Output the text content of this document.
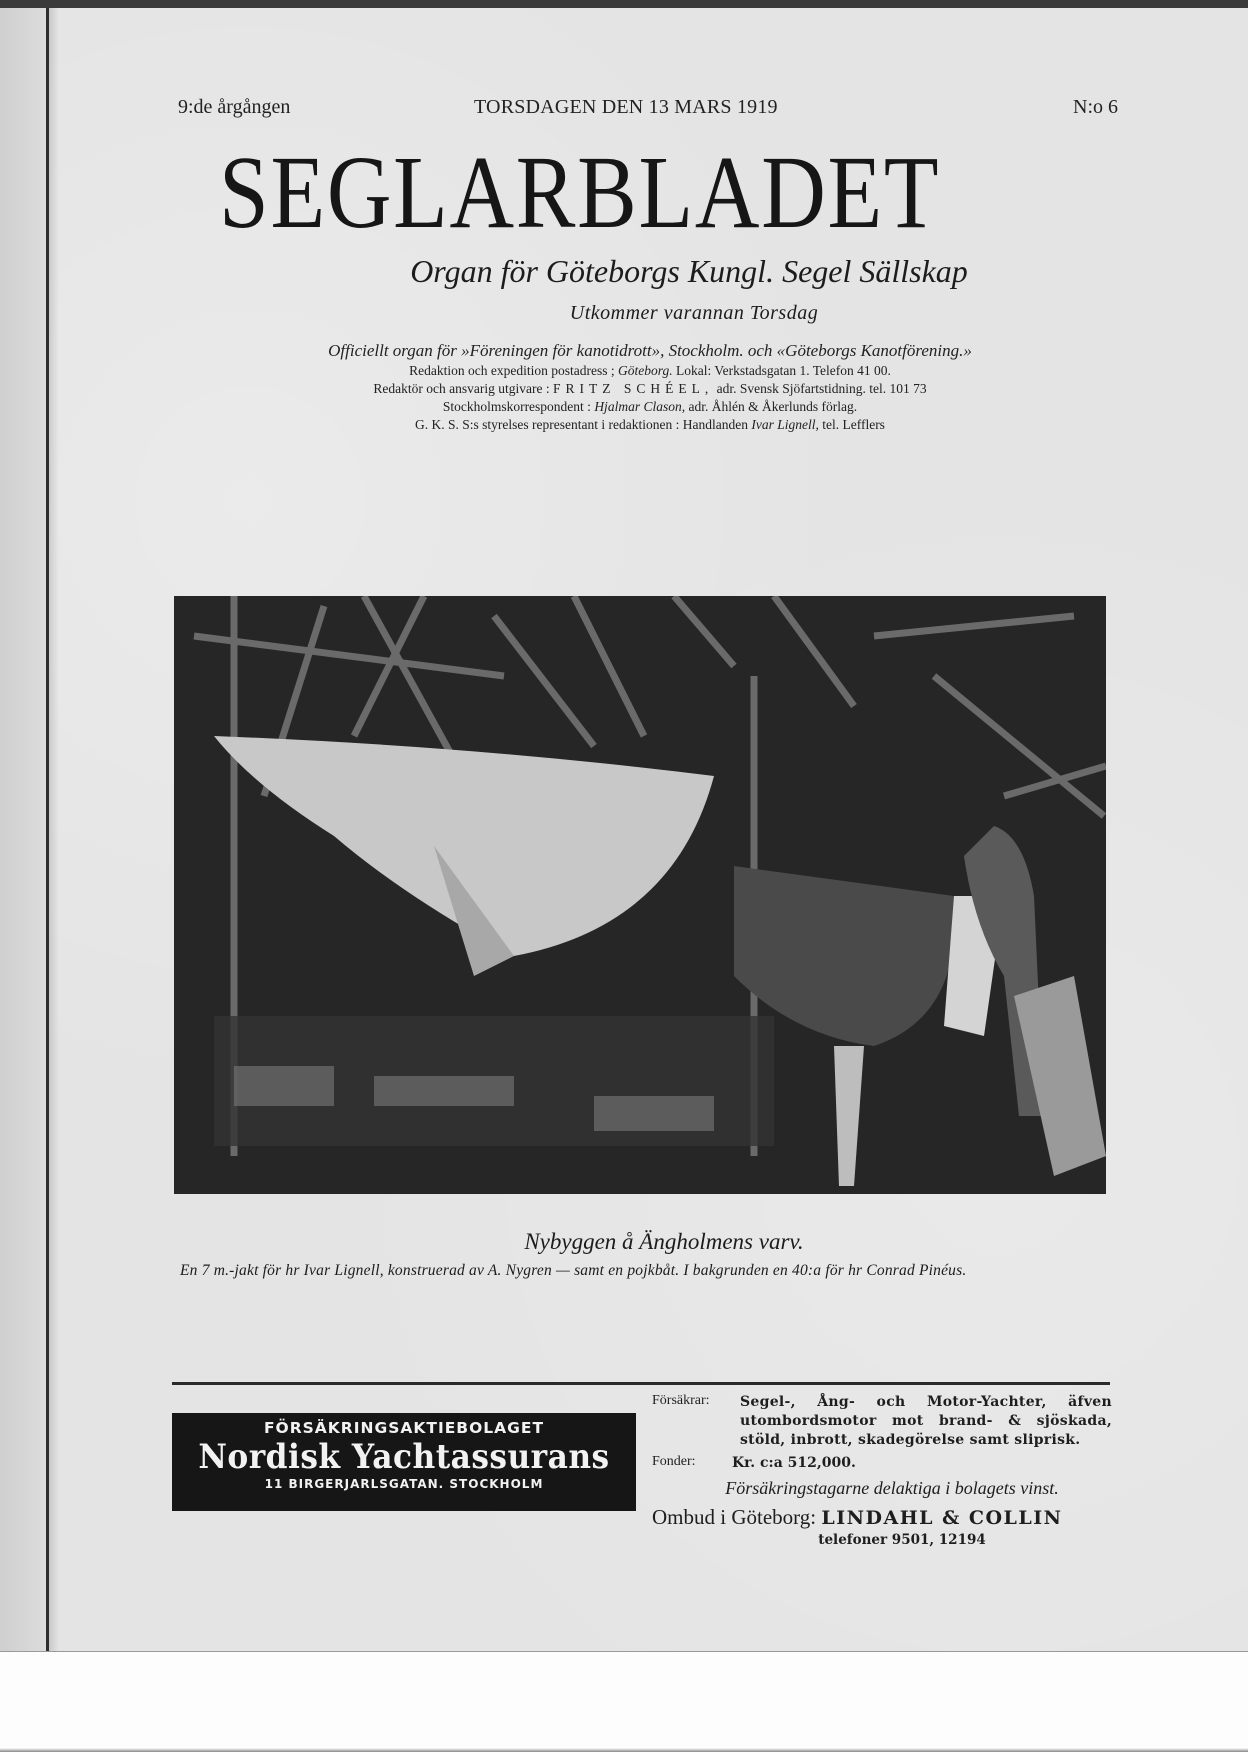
9:de årgången	TORSDAGEN DEN 13 MARS 1919	N:o 6
SEGLARBLADET
Organ för Göteborgs Kungl. Segel Sällskap
Utkommer varannan Torsdag
Officiellt organ för »Föreningen för kanotidrott», Stockholm. och «Göteborgs Kanotförening.»
Redaktion och expedition postadress ; Göteborg. Lokal: Verkstadsgatan 1. Telefon 41 00.
Redaktör och ansvarig utgivare : FRITZ SCHÉEL, adr. Svensk Sjöfartstidning. tel. 101 73
Stockholmskorrespondent : Hjalmar Clason, adr. Åhlén & Åkerlunds förlag.
G. K. S. S:s styrelses representant i redaktionen : Handlanden Ivar Lignell, tel. Lefflers
Nybyggen å Ängholmens varv.
En 7 m.-jakt för hr Ivar Lignell, konstruerad av A. Nygren — samt en pojkbåt. I bakgrunden en 40:a för hr Conrad Pinéus.
FÖRSÄKRINGSAKTIEBOLAGET
Nordisk Yachtassurans
11 BIRGERJARLSGATAN. STOCKHOLM
Försäkrar: Segel-, Ång- och Motor-Yachter, äfven utombordsmotor mot brand- & sjöskada, stöld, inbrott, skadegörelse samt sliprisk.
Fonder:	Kr. c:a 512,000.
Försäkringstagarne delaktiga i bolagets vinst.
Ombud i Göteborg: LINDAHL & COLLIN
telefoner 9501, 12194
